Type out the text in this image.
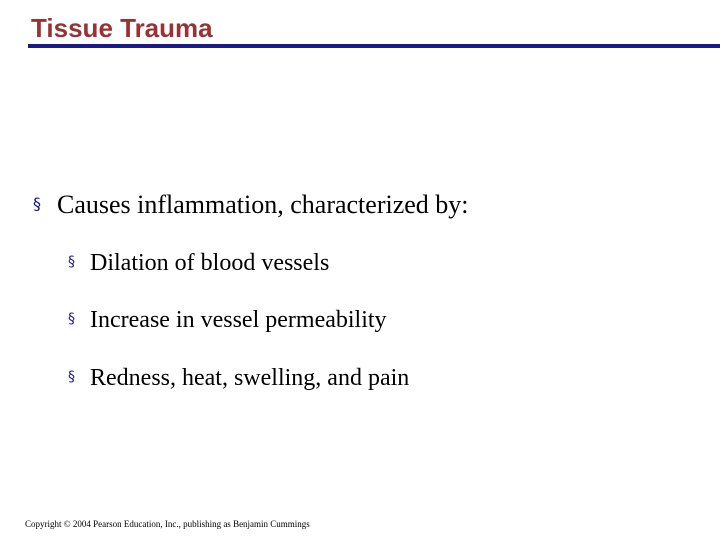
Tissue Trauma
§ Causes inflammation, characterized by:
§ Dilation of blood vessels
§ Increase in vessel permeability
§ Redness, heat, swelling, and pain
Copyright © 2004 Pearson Education, Inc., publishing as Benjamin Cummings
